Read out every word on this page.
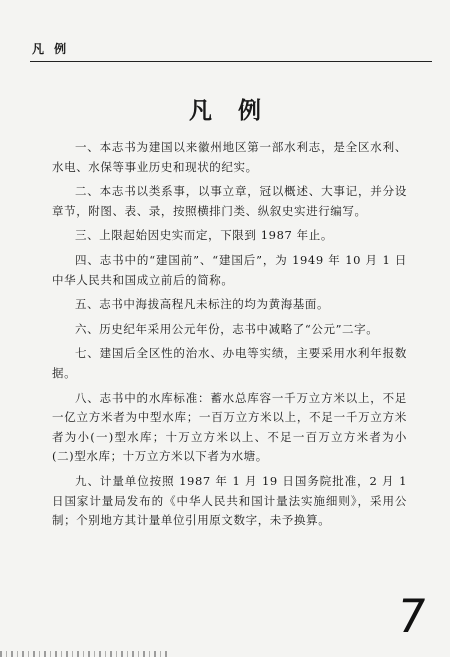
凡 例
凡例

一、本志书为建国以来徽州地区第一部水利志，是全区水利、水电、水保等事业历史和现状的纪实。

二、本志书以类系事，以事立章，冠以概述、大事记，并分设章节，附图、表、录，按照横排门类、纵叙史实进行编写。

三、上限起始因史实而定，下限到 1987 年止。

四、志书中的“建国前”、“建国后”，为 1949 年 10 月 1 日中华人民共和国成立前后的简称。

五、志书中海拔高程凡未标注的均为黄海基面。

六、历史纪年采用公元年份，志书中减略了“公元”二字。

七、建国后全区性的治水、办电等实绩，主要采用水利年报数据。

八、志书中的水库标准：蓄水总库容一千万立方米以上，不足一亿立方米者为中型水库；一百万立方米以上，不足一千万立方米者为小(一)型水库；十万立方米以上、不足一百万立方米者为小(二)型水库；十万立方米以下者为水塘。

九、计量单位按照 1987 年 1 月 19 日国务院批准，2 月 1 日国家计量局发布的《中华人民共和国计量法实施细则》，采用公制；个别地方其计量单位引用原文数字，未予换算。

7
